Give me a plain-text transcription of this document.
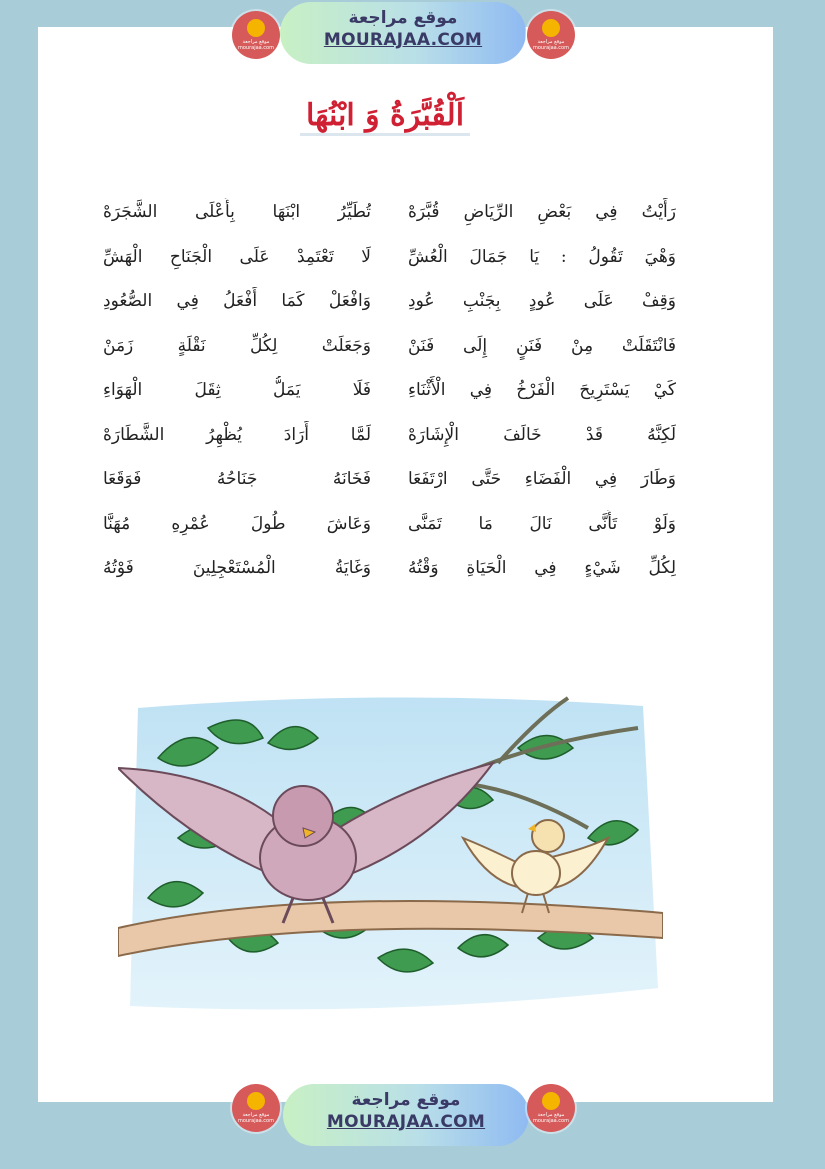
موقع مراجعة mourajaa.com
موقع مراجعة
MOURAJAA.COM	موقع مراجعة mourajaa.com
اَلْقُبَّرَةُ وَ ابْنُهَا
رَأَيْتُ فِي بَعْضِ الرِّيَاضِ قُبَّرَهْ
وَهْيَ تَقُولُ : يَا جَمَالَ الْعُشِّ
وَقِفْ عَلَى عُودٍ بِجَنْبِ عُودِ
فَانْتَقَلَتْ مِنْ فَنَنٍ إِلَى فَنَنْ
كَيْ يَسْتَرِيحَ الْفَرْخُ فِي الْأَثْنَاءِ
لَكِنَّهُ قَدْ خَالَفَ الْإِشَارَهْ
وَطَارَ فِي الْفَضَاءِ حَتَّى ارْتَفَعَا
وَلَوْ تَأَنَّى نَالَ مَا تَمَنَّى
لِكُلِّ شَيْءٍ فِي الْحَيَاةِ وَقْتُهُ
تُطَيِّرُ ابْنَهَا بِأَعْلَى الشَّجَرَهْ
لَا تَعْتَمِدْ عَلَى الْجَنَاحِ الْهَشِّ
وَافْعَلْ كَمَا أَفْعَلُ فِي الصُّعُودِ
وَجَعَلَتْ لِكُلِّ نَقْلَةٍ زَمَنْ
فَلَا يَمَلُّ ثِقَلَ الْهَوَاءِ
لَمَّا أَرَادَ يُظْهِرُ الشَّطَارَهْ
فَخَانَهُ جَنَاحُهُ فَوَقَعَا
وَعَاشَ طُولَ عُمْرِهِ مُهَنَّا
وَغَايَةُ الْمُسْتَعْجِلِينَ فَوْتُهُ
موقع مراجعة mourajaa.com
موقع مراجعة
MOURAJAA.COM	موقع مراجعة mourajaa.com
